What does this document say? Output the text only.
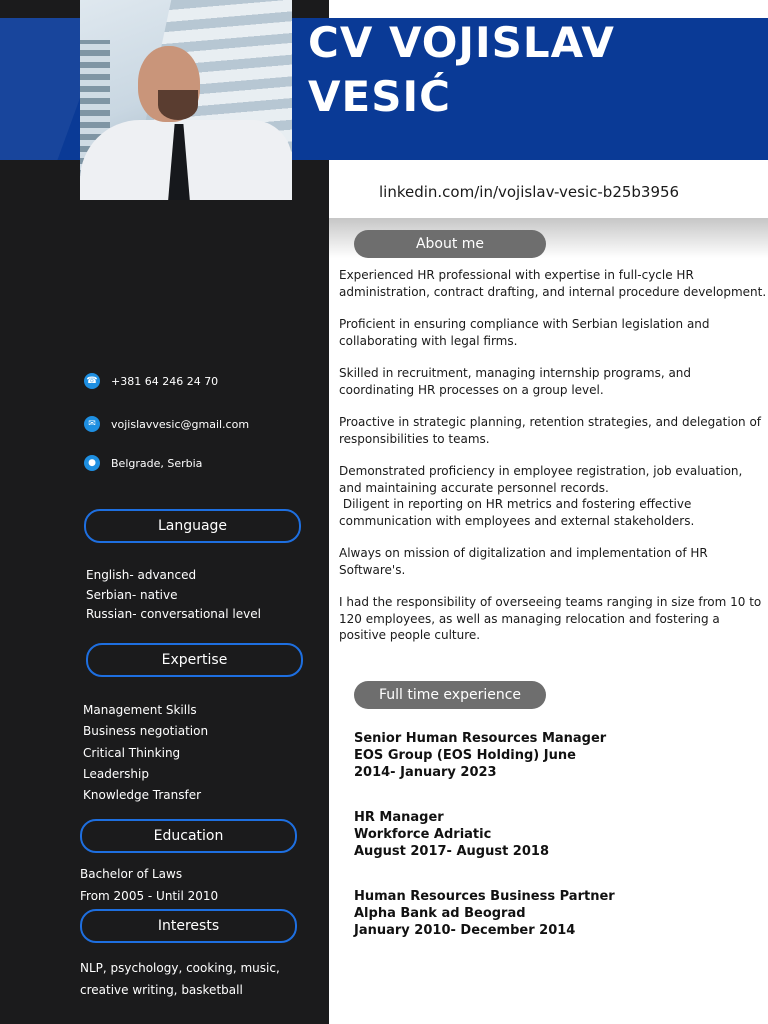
CV VOJISLAV
VESIĆ
linkedin.com/in/vojislav-vesic-b25b3956
☎ +381 64 246 24 70
✉	vojislavvesic@gmail.com
●	Belgrade, Serbia
Language
English- advanced
Serbian- native
Russian- conversational level
Expertise
Management Skills
Business negotiation
Critical Thinking
Leadership
Knowledge Transfer
Education
Bachelor of Laws
From 2005 - Until 2010
Interests
NLP, psychology, cooking, music,
creative writing, basketball
About me

Experienced HR professional with expertise in full-cycle HR administration, contract drafting, and internal procedure development.

Proficient in ensuring compliance with Serbian legislation and collaborating with legal firms.

Skilled in recruitment, managing internship programs, and coordinating HR processes on a group level.

Proactive in strategic planning, retention strategies, and delegation of responsibilities to teams.

Demonstrated proficiency in employee registration, job evaluation, and maintaining accurate personnel records.
Diligent in reporting on HR metrics and fostering effective communication with employees and external stakeholders.

Always on mission of digitalization and implementation of HR Software's.

I had the responsibility of overseeing teams ranging in size from 10 to 120 employees, as well as managing relocation and fostering a positive people culture.

Full time experience
Senior Human Resources Manager
EOS Group (EOS Holding) June
2014- January 2023
HR Manager
Workforce Adriatic
August 2017- August 2018
Human Resources Business Partner
Alpha Bank ad Beograd
January 2010- December 2014
